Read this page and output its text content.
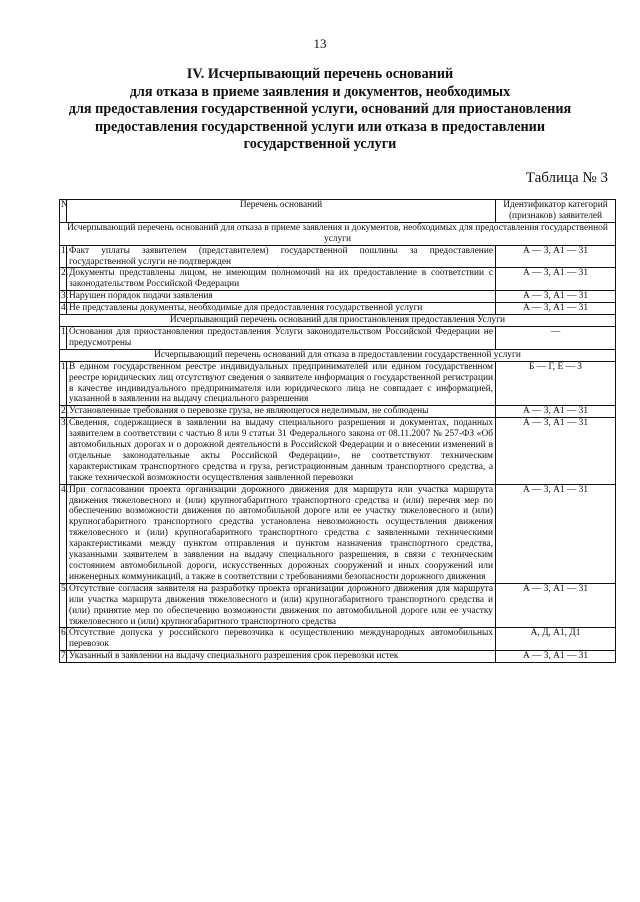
13
IV. Исчерпывающий перечень оснований
для отказа в приеме заявления и документов, необходимых
для предоставления государственной услуги, оснований для приостановления
предоставления государственной услуги или отказа в предоставлении
государственной услуги
Таблица № 3
N	Перечень оснований	Идентификатор категорий (признаков) заявителей
Исчерпывающий перечень оснований для отказа в приеме заявления и документов, необходимых для предоставления государственной услуги		
1.	Факт уплаты заявителем (представителем) государственной пошлины за предоставление государственной услуги не подтвержден	А — 3, А1 — 31
2.	Документы представлены лицом, не имеющим полномочий на их предоставление в соответствии с законодательством Российской Федерации	А — 3, А1 — 31
3.	Нарушен порядок подачи заявления	А — 3, А1 — 31
4.	Не представлены документы, необходимые для предоставления государственной услуги	А — 3, А1 — 31
Исчерпывающий перечень оснований для приостановления предоставления Услуги		
1.	Основания для приостановления предоставления Услуги законодательством Российской Федерации не предусмотрены	—
Исчерпывающий перечень оснований для отказа в предоставлении государственной услуги		
1.	В едином государственном реестре индивидуальных предпринимателей или едином государственном реестре юридических лиц отсутствуют сведения о заявителе информация о государственной регистрации в качестве индивидуального предпринимателя или юридического лица не совпадает с информацией, указанной в заявлении на выдачу специального разрешения	Б — Г, Е — З
2.	Установленные требования о перевозке груза, не являющегося неделимым, не соблюдены	А — 3, А1 — 31
3.	Сведения, содержащиеся в заявлении на выдачу специального разрешения и документах, поданных заявителем в соответствии с частью 8 или 9 статьи 31 Федерального закона от 08.11.2007 № 257-ФЗ «Об автомобильных дорогах и о дорожной деятельности в Российской Федерации и о внесении изменений в отдельные законодательные акты Российской Федерации», не соответствуют техническим характеристикам транспортного средства и груза, регистрационным данным транспортного средства, а также технической возможности осуществления заявленной перевозки	А — 3, А1 — 31
4.	При согласовании проекта организации дорожного движения для маршрута или участка маршрута движения тяжеловесного и (или) крупногабаритного транспортного средства и (или) перечня мер по обеспечению возможности движения по автомобильной дороге или ее участку тяжеловесного и (или) крупногабаритного транспортного средства установлена невозможность осуществления движения тяжеловесного и (или) крупногабаритного транспортного средства с заявленными техническими характеристиками между пунктом отправления и пунктом назначения транспортного средства, указанными заявителем в заявлении на выдачу специального разрешения, в связи с техническим состоянием автомобильной дороги, искусственных дорожных сооружений и иных сооружений или инженерных коммуникаций, а также в соответствии с требованиями безопасности дорожного движения	А — 3, А1 — 31
5.	Отсутствие согласия заявителя на разработку проекта организации дорожного движения для маршрута или участка маршрута движения тяжеловесного и (или) крупногабаритного транспортного средства и (или) принятие мер по обеспечению возможности движения по автомобильной дороге или ее участку тяжеловесного и (или) крупногабаритного транспортного средства	А — 3, А1 — 31
6.	Отсутствие допуска у российского перевозчика к осуществлению международных автомобильных перевозок	А, Д, А1, Д1
7.	Указанный в заявлении на выдачу специального разрешения срок перевозки истек	А — 3, А1 — 31
